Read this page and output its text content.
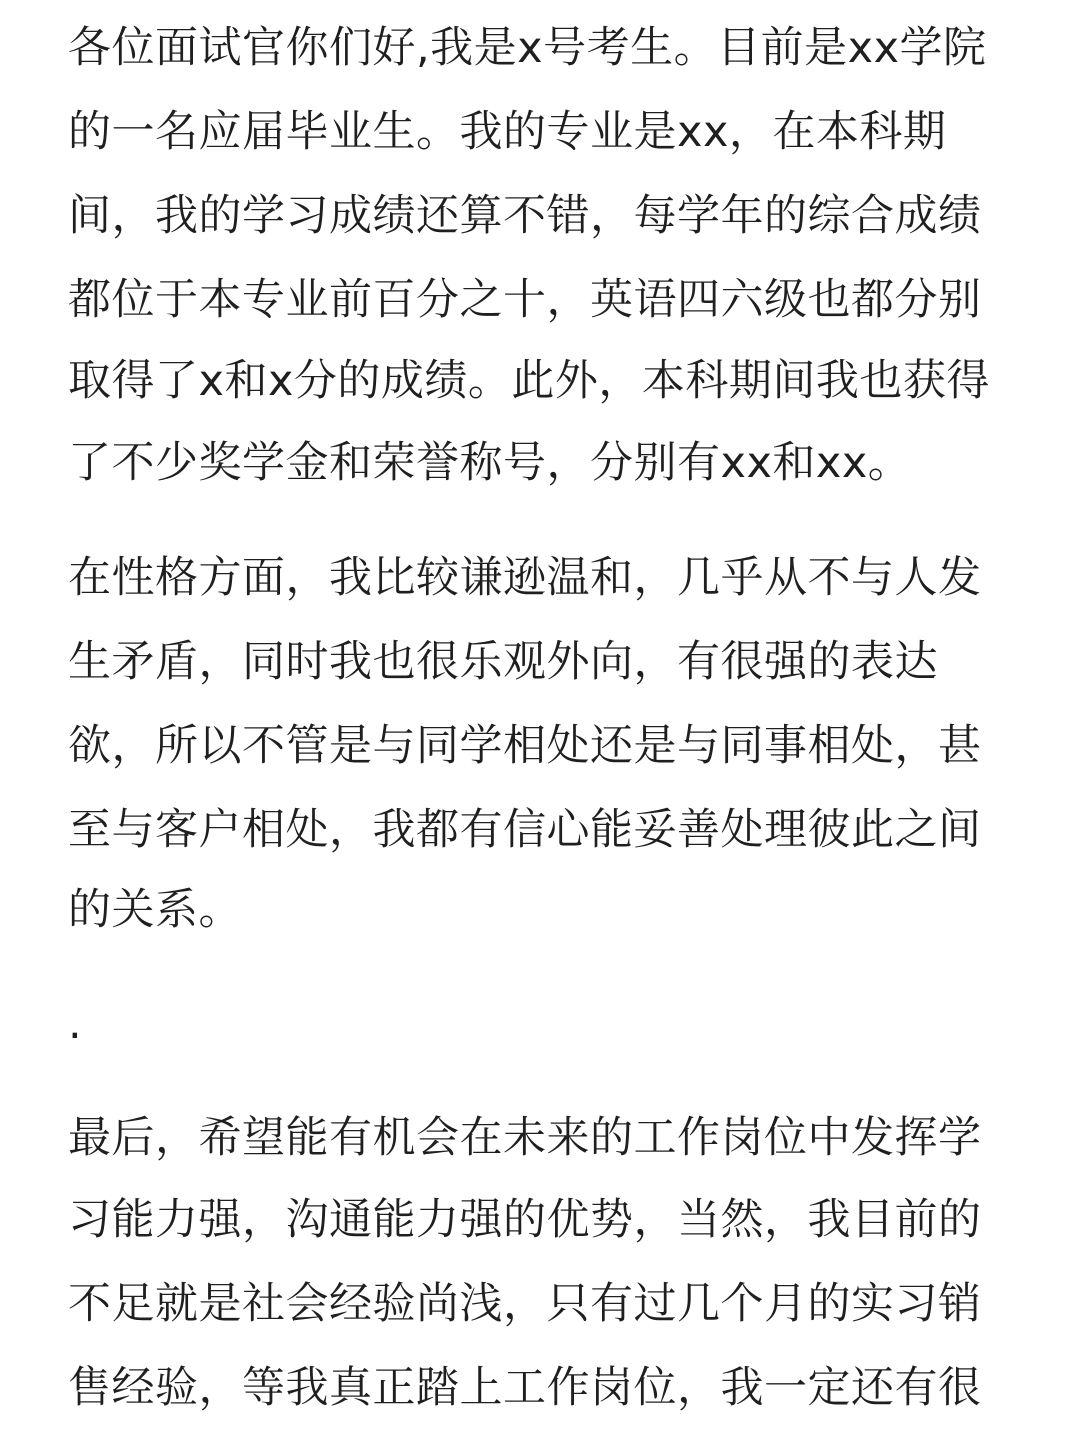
各位面试官你们好,我是x号考生。目前是xx学院

的一名应届毕业生。我的专业是xx，在本科期

间，我的学习成绩还算不错，每学年的综合成绩

都位于本专业前百分之十，英语四六级也都分别

取得了x和x分的成绩。此外，本科期间我也获得

了不少奖学金和荣誉称号，分别有xx和xx。

在性格方面，我比较谦逊温和，几乎从不与人发

生矛盾，同时我也很乐观外向，有很强的表达

欲，所以不管是与同学相处还是与同事相处，甚

至与客户相处，我都有信心能妥善处理彼此之间

的关系。

.

最后，希望能有机会在未来的工作岗位中发挥学

习能力强，沟通能力强的优势，当然，我目前的

不足就是社会经验尚浅，只有过几个月的实习销

售经验，等我真正踏上工作岗位，我一定还有很
